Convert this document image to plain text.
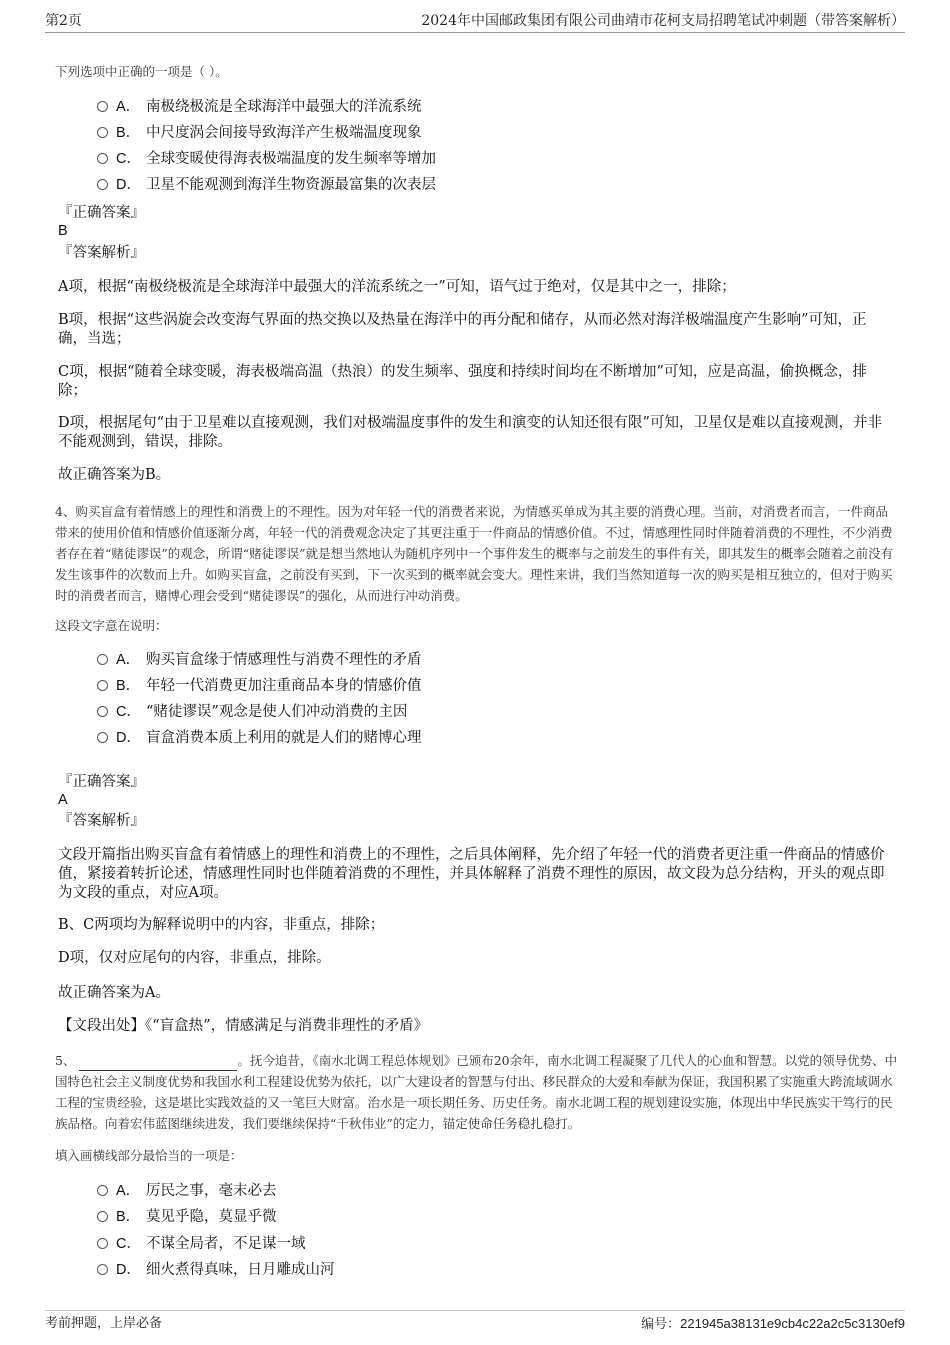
第2页	2024年中国邮政集团有限公司曲靖市花柯支局招聘笔试冲刺题（带答案解析）
下列选项中正确的一项是（ ）。
A． 南极绕极流是全球海洋中最强大的洋流系统
B． 中尺度涡会间接导致海洋产生极端温度现象
C． 全球变暖使得海表极端温度的发生频率等增加
D． 卫星不能观测到海洋生物资源最富集的次表层
『正确答案』
B
『答案解析』
A项，根据“南极绕极流是全球海洋中最强大的洋流系统之一”可知，语气过于绝对，仅是其中之一，排除；
B项，根据“这些涡旋会改变海气界面的热交换以及热量在海洋中的再分配和储存，从而必然对海洋极端温度产生影响”可知，正确，当选；
C项，根据“随着全球变暖，海表极端高温（热浪）的发生频率、强度和持续时间均在不断增加”可知，应是高温，偷换概念，排除；
D项，根据尾句“由于卫星难以直接观测，我们对极端温度事件的发生和演变的认知还很有限”可知，卫星仅是难以直接观测，并非不能观测到，错误，排除。
故正确答案为B。
4、购买盲盒有着情感上的理性和消费上的不理性。因为对年轻一代的消费者来说，为情感买单成为其主要的消费心理。当前，对消费者而言，一件商品带来的使用价值和情感价值逐渐分离，年轻一代的消费观念决定了其更注重于一件商品的情感价值。不过，情感理性同时伴随着消费的不理性，不少消费者存在着“赌徒谬误”的观念，所谓“赌徒谬误”就是想当然地认为随机序列中一个事件发生的概率与之前发生的事件有关，即其发生的概率会随着之前没有发生该事件的次数而上升。如购买盲盒，之前没有买到，下一次买到的概率就会变大。理性来讲，我们当然知道每一次的购买是相互独立的，但对于购买时的消费者而言，赌博心理会受到“赌徒谬误”的强化，从而进行冲动消费。
这段文字意在说明：
A． 购买盲盒缘于情感理性与消费不理性的矛盾
B． 年轻一代消费更加注重商品本身的情感价值
C． “赌徒谬误”观念是使人们冲动消费的主因
D． 盲盒消费本质上利用的就是人们的赌博心理
『正确答案』
A
『答案解析』
文段开篇指出购买盲盒有着情感上的理性和消费上的不理性，之后具体阐释，先介绍了年轻一代的消费者更注重一件商品的情感价值，紧接着转折论述，情感理性同时也伴随着消费的不理性，并具体解释了消费不理性的原因，故文段为总分结构，开头的观点即为文段的重点，对应A项。
B、C两项均为解释说明中的内容，非重点，排除；
D项，仅对应尾句的内容，非重点，排除。
故正确答案为A。
【文段出处】《“盲盒热”，情感满足与消费非理性的矛盾》
5、	。抚今追昔，《南水北调工程总体规划》已颁布20余年，南水北调工程凝聚了几代人的心血和智慧。以党的领导优势、中国特色社会主义制度优势和我国水利工程建设优势为依托，以广大建设者的智慧与付出、移民群众的大爱和奉献为保证，我国积累了实施重大跨流域调水工程的宝贵经验，这是堪比实践效益的又一笔巨大财富。治水是一项长期任务、历史任务。南水北调工程的规划建设实施，体现出中华民族实干笃行的民族品格。向着宏伟蓝图继续进发，我们要继续保持“千秋伟业”的定力，锚定使命任务稳扎稳打。
填入画横线部分最恰当的一项是：
A． 厉民之事，毫末必去
B． 莫见乎隐，莫显乎微
C． 不谋全局者，不足谋一域
D． 细火煮得真味，日月雕成山河
考前押题，上岸必备	编号：221945a38131e9cb4c22a2c5c3130ef9
